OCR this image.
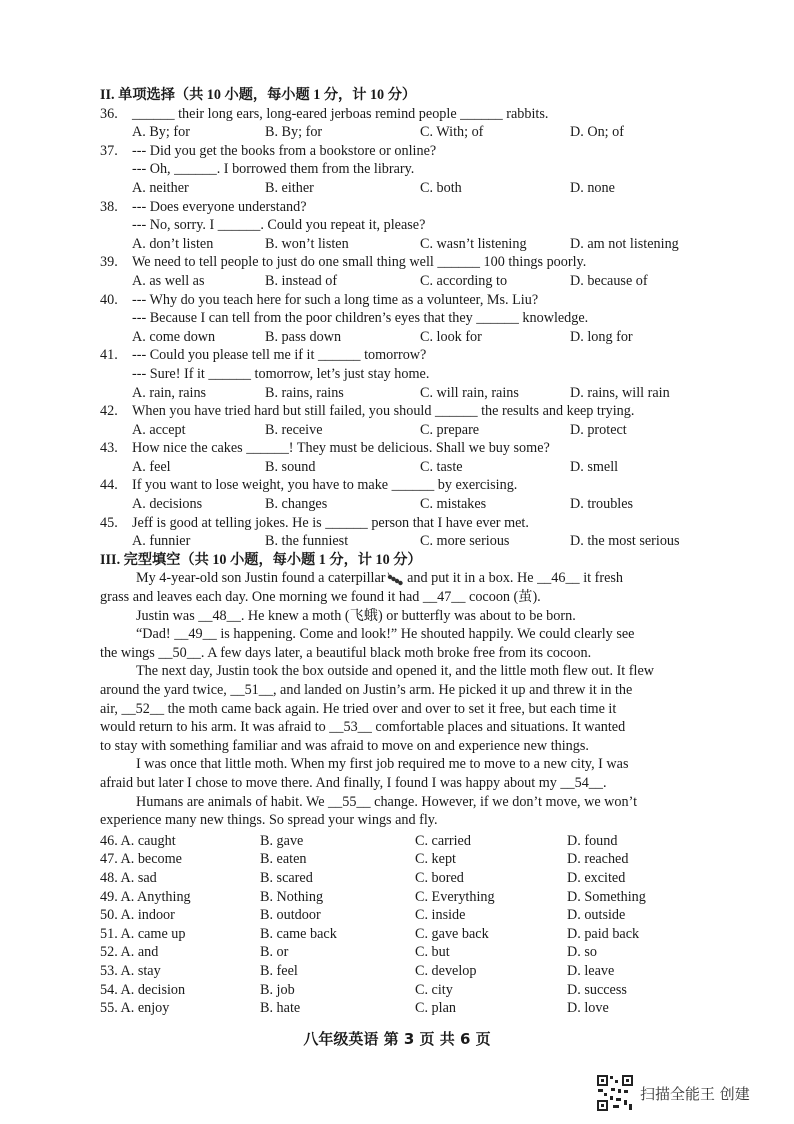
II. 单项选择（共 10 小题，每小题 1 分，计 10 分）
36.	______ their long ears, long-eared jerboas remind people ______ rabbits.
A. By; for	B. By; for	C. With; of	D. On; of
37.	--- Did you get the books from a bookstore or online?
--- Oh, ______. I borrowed them from the library.
A. neither	B. either	C. both	D. none
38.	--- Does everyone understand?
--- No, sorry. I ______. Could you repeat it, please?
A. don’t listen	B. won’t listen	C. wasn’t listening	D. am not listening
39.	We need to tell people to just do one small thing well ______ 100 things poorly.
A. as well as	B. instead of	C. according to	D. because of
40.	--- Why do you teach here for such a long time as a volunteer, Ms. Liu?
--- Because I can tell from the poor children’s eyes that they ______ knowledge.
A. come down	B. pass down	C. look for	D. long for
41.	--- Could you please tell me if it ______ tomorrow?
--- Sure! If it ______ tomorrow, let’s just stay home.
A. rain, rains	B. rains, rains	C. will rain, rains	D. rains, will rain
42.	When you have tried hard but still failed, you should ______ the results and keep trying.
A. accept	B. receive	C. prepare	D. protect
43.	How nice the cakes ______! They must be delicious. Shall we buy some?
A. feel	B. sound	C. taste	D. smell
44.	If you want to lose weight, you have to make ______ by exercising.
A. decisions	B. changes	C. mistakes	D. troubles
45.	Jeff is good at telling jokes. He is ______ person that I have ever met.
A. funnier	B. the funniest	C. more serious	D. the most serious
III. 完型填空（共 10 小题，每小题 1 分，计 10 分）
My 4-year-old son Justin found a caterpillar and put it in a box. He __46__ it fresh
grass and leaves each day. One morning we found it had __47__ cocoon (茧).
Justin was __48__. He knew a moth (飞蛾) or butterfly was about to be born.
“Dad! __49__ is happening. Come and look!” He shouted happily. We could clearly see
the wings __50__. A few days later, a beautiful black moth broke free from its cocoon.
The next day, Justin took the box outside and opened it, and the little moth flew out. It flew
around the yard twice, __51__, and landed on Justin’s arm. He picked it up and threw it in the
air, __52__ the moth came back again. He tried over and over to set it free, but each time it
would return to his arm. It was afraid to __53__ comfortable places and situations. It wanted
to stay with something familiar and was afraid to move on and experience new things.
I was once that little moth. When my first job required me to move to a new city, I was
afraid but later I chose to move there. And finally, I found I was happy about my __54__.
Humans are animals of habit. We __55__ change. However, if we don’t move, we won’t
experience many new things. So spread your wings and fly.
46. A. caught	B. gave	C. carried	D. found
47. A. become	B. eaten	C. kept	D. reached
48. A. sad	B. scared	C. bored	D. excited
49. A. Anything	B. Nothing	C. Everything	D. Something
50. A. indoor	B. outdoor	C. inside	D. outside
51. A. came up	B. came back	C. gave back	D. paid back
52. A. and	B. or	C. but	D. so
53. A. stay	B. feel	C. develop	D. leave
54. A. decision	B. job	C. city	D. success
55. A. enjoy	B. hate	C. plan	D. love
八年级英语 第 3 页 共 6 页
扫描全能王 创建
